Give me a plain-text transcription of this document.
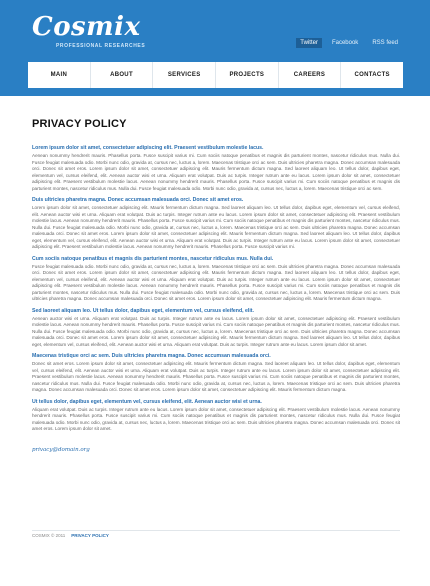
Cosmix
PROFESSIONAL RESEARCHES	Twitter	Facebook	RSS feed
MAIN	ABOUT	SERVICES	PROJECTS	CAREERS	CONTACTS
PRIVACY POLICY
Lorem ipsum dolor sit amet, consectetuer adipiscing elit. Praesent vestibulum molestie lacus.

Aenean nonummy hendrerit mauris. Phasellus porta. Fusce suscipit varius mi. Cum sociis natoque penatibus et magnis dis parturient montes, nascetur ridiculus mus. Nulla dui. Fusce feugiat malesuada odio. Morbi nunc odio, gravida at, cursus nec, luctus a, lorem. Maecenas tristique orci ac sem. Duis ultricies pharetra magna. Donec accumsan malesuada orci. Donec sit amet eros. Lorem ipsum dolor sit amet, consectetuer adipiscing elit. Mauris fermentum dictum magna. Sed laoreet aliquam leo. Ut tellus dolor, dapibus eget, elementum vel, cursus eleifend, elit. Aenean auctor wisi et urna. Aliquam erat volutpat. Duis ac turpis. Integer rutrum ante eu lacus. Lorem ipsum dolor sit amet, consectetuer adipiscing elit. Praesent vestibulum molestie lacus. Aenean nonummy hendrerit mauris. Phasellus porta. Fusce suscipit varius mi. Cum sociis natoque penatibus et magnis dis parturient montes, nascetur ridiculus mus. Nulla dui. Fusce feugiat malesuada odio. Morbi nunc odio, gravida at, cursus nec, luctus a, lorem. Maecenas tristique orci ac sem.

Duis ultricies pharetra magna. Donec accumsan malesuada orci. Donec sit amet eros.

Lorem ipsum dolor sit amet, consectetuer adipiscing elit. Mauris fermentum dictum magna. Sed laoreet aliquam leo. Ut tellus dolor, dapibus eget, elementum vel, cursus eleifend, elit. Aenean auctor wisi et urna. Aliquam erat volutpat. Duis ac turpis. Integer rutrum ante eu lacus. Lorem ipsum dolor sit amet, consectetuer adipiscing elit. Praesent vestibulum molestie lacus. Aenean nonummy hendrerit mauris. Phasellus porta. Fusce suscipit varius mi. Cum sociis natoque penatibus et magnis dis parturient montes, nascetur ridiculus mus. Nulla dui. Fusce feugiat malesuada odio. Morbi nunc odio, gravida at, cursus nec, luctus a, lorem. Maecenas tristique orci ac sem. Duis ultricies pharetra magna. Donec accumsan malesuada orci. Donec sit amet eros. Lorem ipsum dolor sit amet, consectetuer adipiscing elit. Mauris fermentum dictum magna. Sed laoreet aliquam leo. Ut tellus dolor, dapibus eget, elementum vel, cursus eleifend, elit. Aenean auctor wisi et urna. Aliquam erat volutpat. Duis ac turpis. Integer rutrum ante eu lacus. Lorem ipsum dolor sit amet, consectetuer adipiscing elit. Praesent vestibulum molestie lacus. Aenean nonummy hendrerit mauris. Phasellus porta. Fusce suscipit varius mi.

Cum sociis natoque penatibus et magnis dis parturient montes, nascetur ridiculus mus. Nulla dui.

Fusce feugiat malesuada odio. Morbi nunc odio, gravida at, cursus nec, luctus a, lorem. Maecenas tristique orci ac sem. Duis ultricies pharetra magna. Donec accumsan malesuada orci. Donec sit amet eros. Lorem ipsum dolor sit amet, consectetuer adipiscing elit. Mauris fermentum dictum magna. Sed laoreet aliquam leo. Ut tellus dolor, dapibus eget, elementum vel, cursus eleifend, elit. Aenean auctor wisi et urna. Aliquam erat volutpat. Duis ac turpis. Integer rutrum ante eu lacus. Lorem ipsum dolor sit amet, consectetuer adipiscing elit. Praesent vestibulum molestie lacus. Aenean nonummy hendrerit mauris. Phasellus porta. Fusce suscipit varius mi. Cum sociis natoque penatibus et magnis dis parturient montes, nascetur ridiculus mus. Nulla dui. Fusce feugiat malesuada odio. Morbi nunc odio, gravida at, cursus nec, luctus a, lorem. Maecenas tristique orci ac sem. Duis ultricies pharetra magna. Donec accumsan malesuada orci. Donec sit amet eros. Lorem ipsum dolor sit amet, consectetuer adipiscing elit. Mauris fermentum dictum magna.

Sed laoreet aliquam leo. Ut tellus dolor, dapibus eget, elementum vel, cursus eleifend, elit.

Aenean auctor wisi et urna. Aliquam erat volutpat. Duis ac turpis. Integer rutrum ante eu lacus. Lorem ipsum dolor sit amet, consectetuer adipiscing elit. Praesent vestibulum molestie lacus. Aenean nonummy hendrerit mauris. Phasellus porta. Fusce suscipit varius mi. Cum sociis natoque penatibus et magnis dis parturient montes, nascetur ridiculus mus. Nulla dui. Fusce feugiat malesuada odio. Morbi nunc odio, gravida at, cursus nec, luctus a, lorem. Maecenas tristique orci ac sem. Duis ultricies pharetra magna. Donec accumsan malesuada orci. Donec sit amet eros. Lorem ipsum dolor sit amet, consectetuer adipiscing elit. Mauris fermentum dictum magna. Sed laoreet aliquam leo. Ut tellus dolor, dapibus eget, elementum vel, cursus eleifend, elit. Aenean auctor wisi et urna. Aliquam erat volutpat. Duis ac turpis. Integer rutrum ante eu lacus. Lorem ipsum dolor sit amet.

Maecenas tristique orci ac sem. Duis ultricies pharetra magna. Donec accumsan malesuada orci.

Donec sit amet eros. Lorem ipsum dolor sit amet, consectetuer adipiscing elit. Mauris fermentum dictum magna. Sed laoreet aliquam leo. Ut tellus dolor, dapibus eget, elementum vel, cursus eleifend, elit. Aenean auctor wisi et urna. Aliquam erat volutpat. Duis ac turpis. Integer rutrum ante eu lacus. Lorem ipsum dolor sit amet, consectetuer adipiscing elit. Praesent vestibulum molestie lacus. Aenean nonummy hendrerit mauris. Phasellus porta. Fusce suscipit varius mi. Cum sociis natoque penatibus et magnis dis parturient montes, nascetur ridiculus mus. Nulla dui. Fusce feugiat malesuada odio. Morbi nunc odio, gravida at, cursus nec, luctus a, lorem. Maecenas tristique orci ac sem. Duis ultricies pharetra magna. Donec accumsan malesuada orci. Donec sit amet eros. Lorem ipsum dolor sit amet, consectetuer adipiscing elit. Mauris fermentum dictum magna.

Ut tellus dolor, dapibus eget, elementum vel, cursus eleifend, elit. Aenean auctor wisi et urna.

Aliquam erat volutpat. Duis ac turpis. Integer rutrum ante eu lacus. Lorem ipsum dolor sit amet, consectetuer adipiscing elit. Praesent vestibulum molestie lacus. Aenean nonummy hendrerit mauris. Phasellus porta. Fusce suscipit varius mi. Cum sociis natoque penatibus et magnis dis parturient montes, nascetur ridiculus mus. Nulla dui. Fusce feugiat malesuada odio. Morbi nunc odio, gravida at, cursus nec, luctus a, lorem. Maecenas tristique orci ac sem. Duis ultricies pharetra magna. Donec accumsan malesuada orci. Donec sit amet eros. Lorem ipsum dolor sit amet.

privacy@domain.org
COSMIX © 2011 PRIVACY POLICY
